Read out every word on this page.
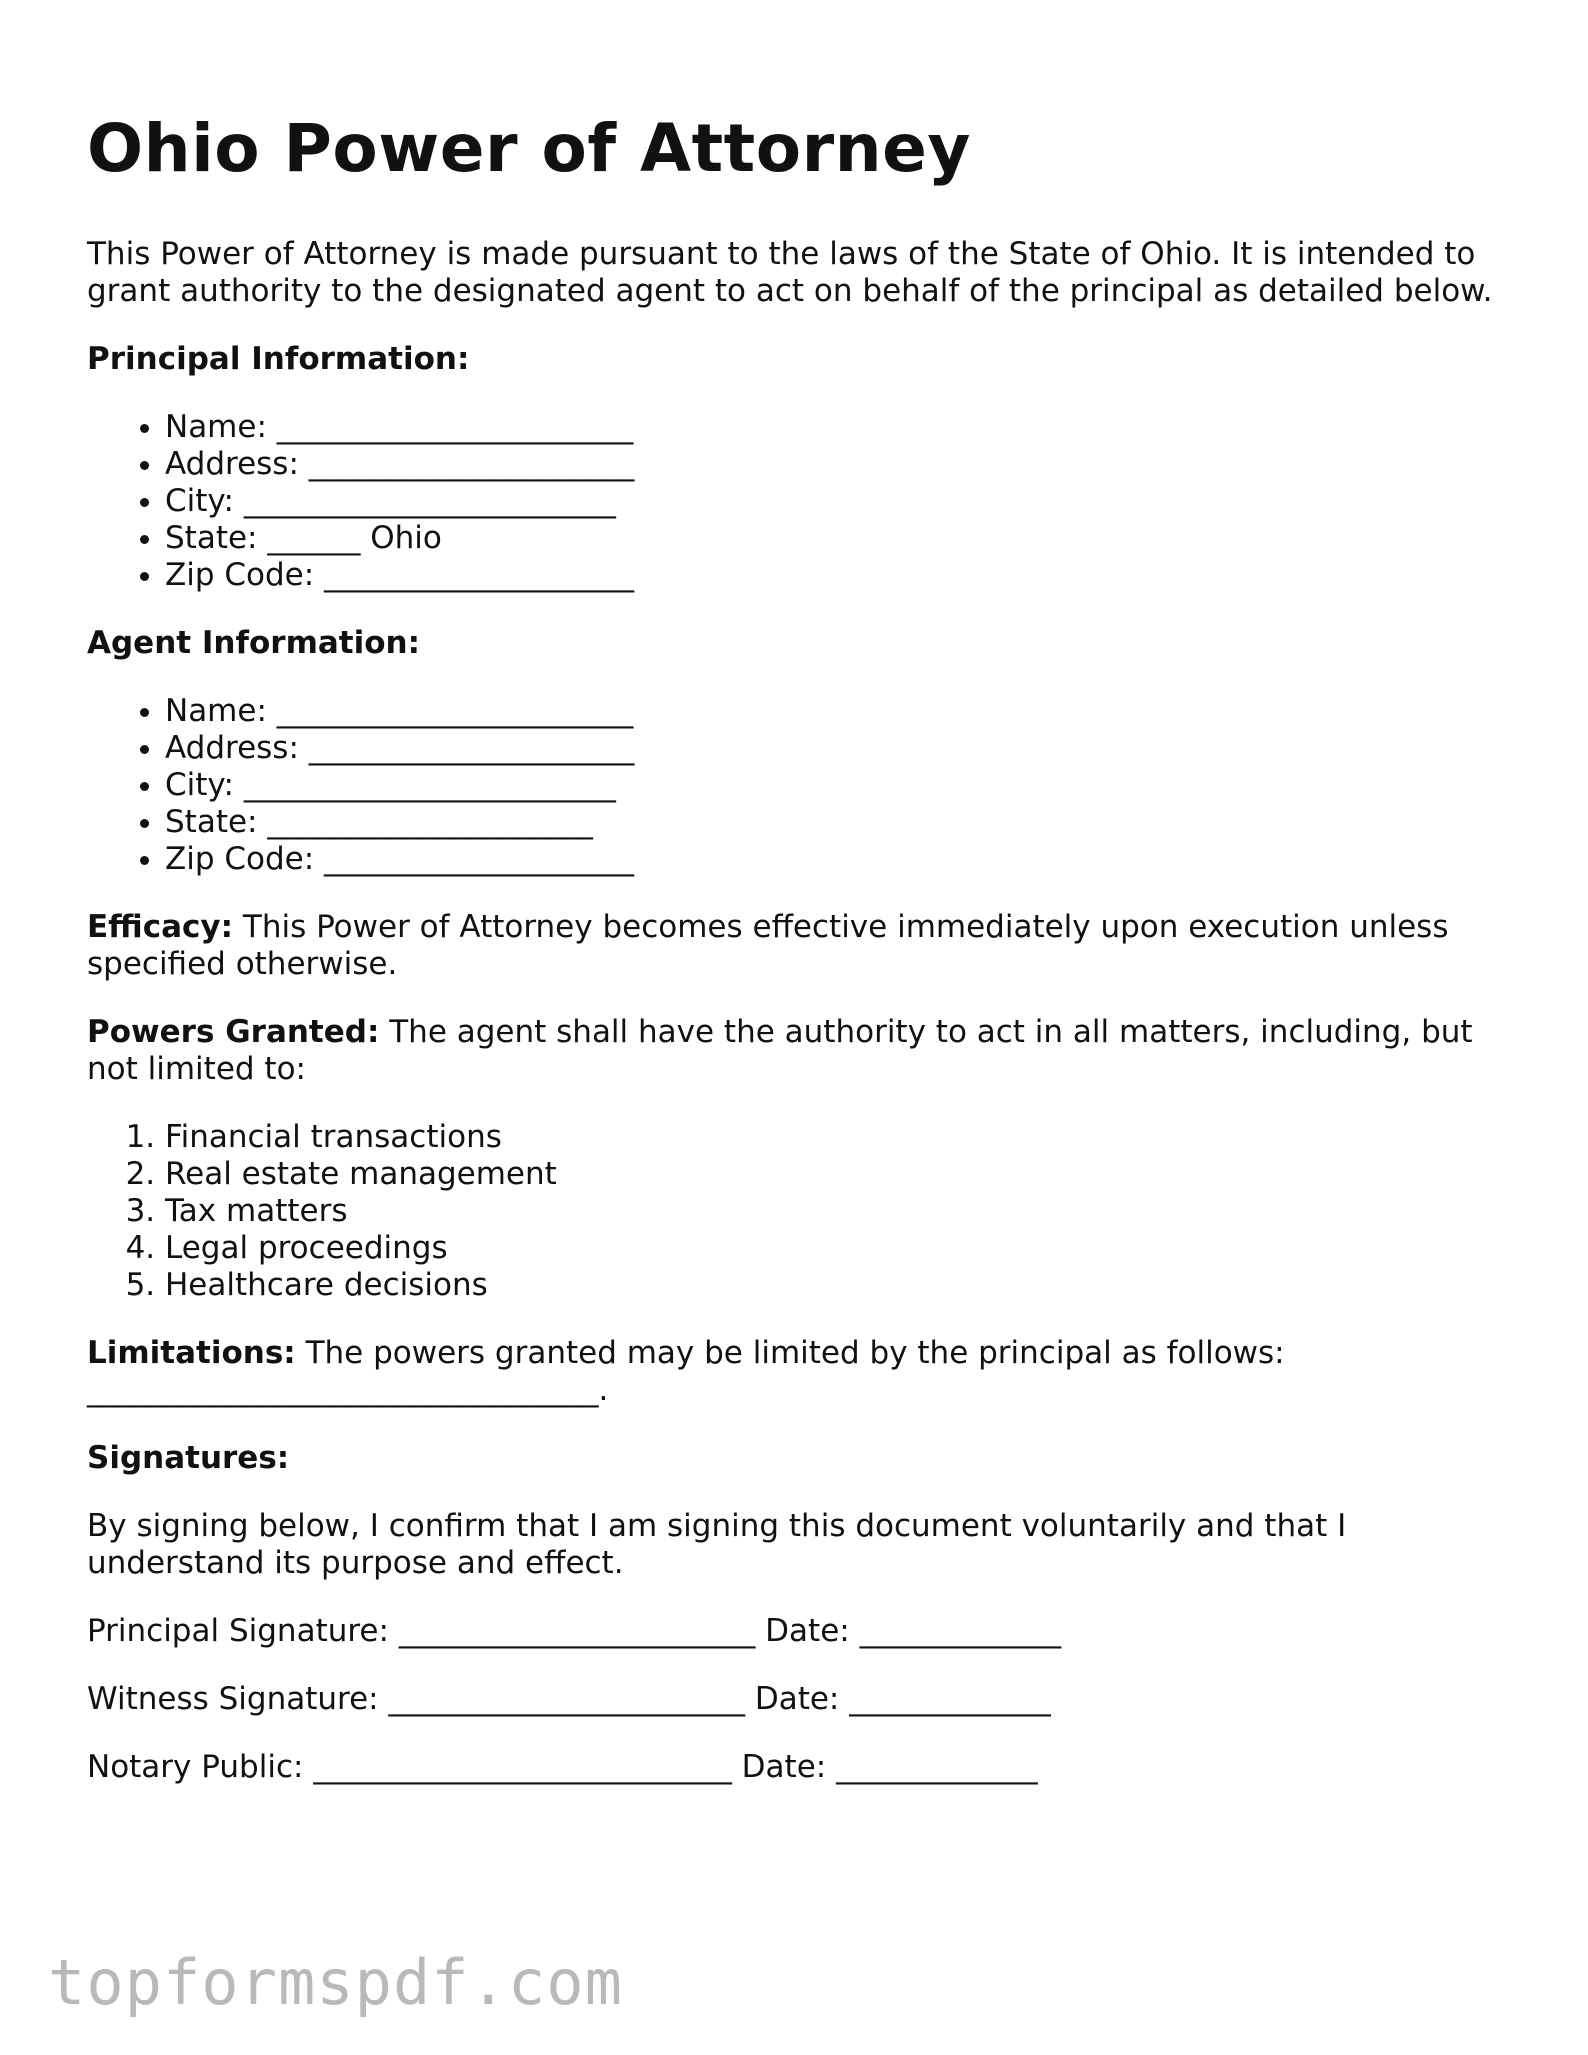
Ohio Power of Attorney

This Power of Attorney is made pursuant to the laws of the State of Ohio. It is intended to grant authority to the designated agent to act on behalf of the principal as detailed below.

Principal Information:
• Name: _______________________
• Address: _____________________
• City: ________________________
• State: ______ Ohio
• Zip Code: ____________________
Agent Information:
• Name: _______________________
• Address: _____________________
• City: ________________________
• State: _____________________
• Zip Code: ____________________

Efficacy: This Power of Attorney becomes effective immediately upon execution unless specified otherwise.

Powers Granted: The agent shall have the authority to act in all matters, including, but not limited to:

1. Financial transactions
2. Real estate management
3. Tax matters
4. Legal proceedings
5. Healthcare decisions

Limitations: The powers granted may be limited by the principal as follows: _________________________________.

Signatures:

By signing below, I confirm that I am signing this document voluntarily and that I understand its purpose and effect.

Principal Signature: _______________________ Date: _____________
Witness Signature: _______________________ Date: _____________
Notary Public: ___________________________ Date: _____________
topformspdf.com
